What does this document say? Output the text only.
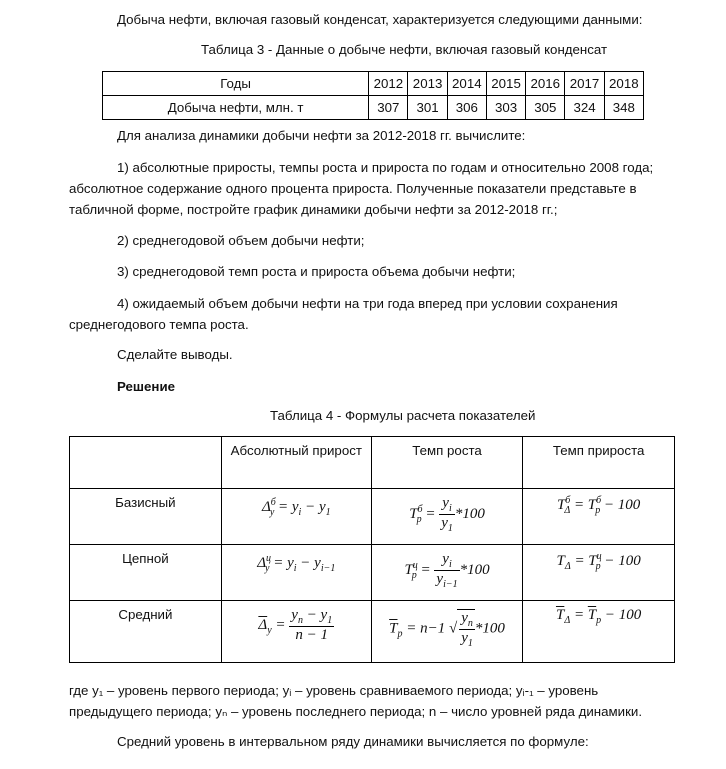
Добыча нефти, включая газовый конденсат, характеризуется следующими данными:
Таблица 3 - Данные о добыче нефти, включая газовый конденсат
Годы	2012	2013	2014	2015	2016	2017	2018
Добыча нефти, млн. т	307	301	306	303	305	324	348
Для анализа динамики добычи нефти за 2012-2018 гг. вычислите:
1) абсолютные приросты, темпы роста и прироста по годам и относительно 2008 года; абсолютное содержание одного процента прироста. Полученные показатели представьте в табличной форме, постройте график динамики добычи нефти за 2012-2018 гг.;
2) среднегодовой объем добычи нефти;
3) среднегодовой темп роста и прироста объема добычи нефти;
4) ожидаемый объем добычи нефти на три года вперед при условии сохранения среднегодового темпа роста.
Сделайте выводы.
Решение
Таблица 4 - Формулы расчета показателей

	Абсолютный прирост	Темп роста	Темп прироста

Базисный	$\Delta^б_y = y_i - y_1$	$T^б_p = \frac{y_i}{y_1} *100$	$T^б_\Delta = T^б_p - 100$

Цепной	$\Delta^ц_y = y_i - y_{i-1}$	$T^ц_p = \frac{y_i}{y_{i-1}} *100$	$T_\Delta = T^ц_p - 100$

Средний	$\overline{\Delta}_y = \frac{y_n - y_1}{n - 1}$	$\overline{T}_p = n-1$ √ $\frac{y_n}{y_1} *100$	$\overline{T}_\Delta = \overline{T}_p - 100$
где y₁ – уровень первого периода; yᵢ – уровень сравниваемого периода; yᵢ-₁ – уровень предыдущего периода; yₙ – уровень последнего периода; n – число уровней ряда динамики.
Средний уровень в интервальном ряду динамики вычисляется по формуле:
